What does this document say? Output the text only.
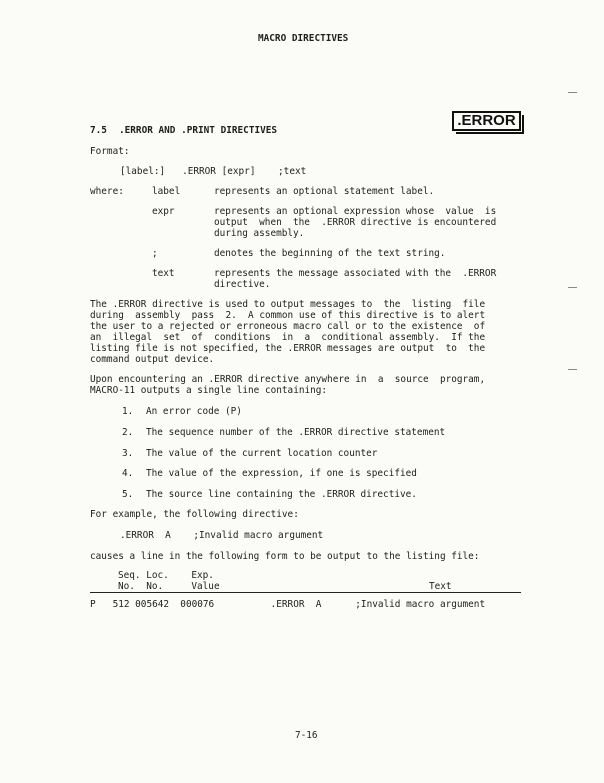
MACRO DIRECTIVES
.ERROR
7.5 .ERROR AND .PRINT DIRECTIVES
Format:
[label:]   .ERROR [expr]    ;text
where:	label	represents an optional statement label.
expr	represents an optional expression whose  value  is
output  when  the  .ERROR directive is encountered
during assembly.
;	denotes the beginning of the text string.
text	represents the message associated with the  .ERROR
directive.
The .ERROR directive is used to output messages to  the  listing  file
during  assembly  pass  2.  A common use of this directive is to alert
the user to a rejected or erroneous macro call or to the existence  of
an  illegal  set  of  conditions  in  a  conditional assembly.  If the
listing file is not specified, the .ERROR messages are output  to  the
command output device.
Upon encountering an .ERROR directive anywhere in  a  source  program,
MACRO-11 outputs a single line containing:
1. An error code (P)
2. The sequence number of the .ERROR directive statement
3. The value of the current location counter
4. The value of the expression, if one is specified
5. The source line containing the .ERROR directive.
For example, the following directive:
.ERROR  A    ;Invalid macro argument
causes a line in the following form to be output to the listing file:
Seq. Loc.    Exp.
No.  No.     Value	Text
P   512 005642  000076          .ERROR  A      ;Invalid macro argument
7-16
